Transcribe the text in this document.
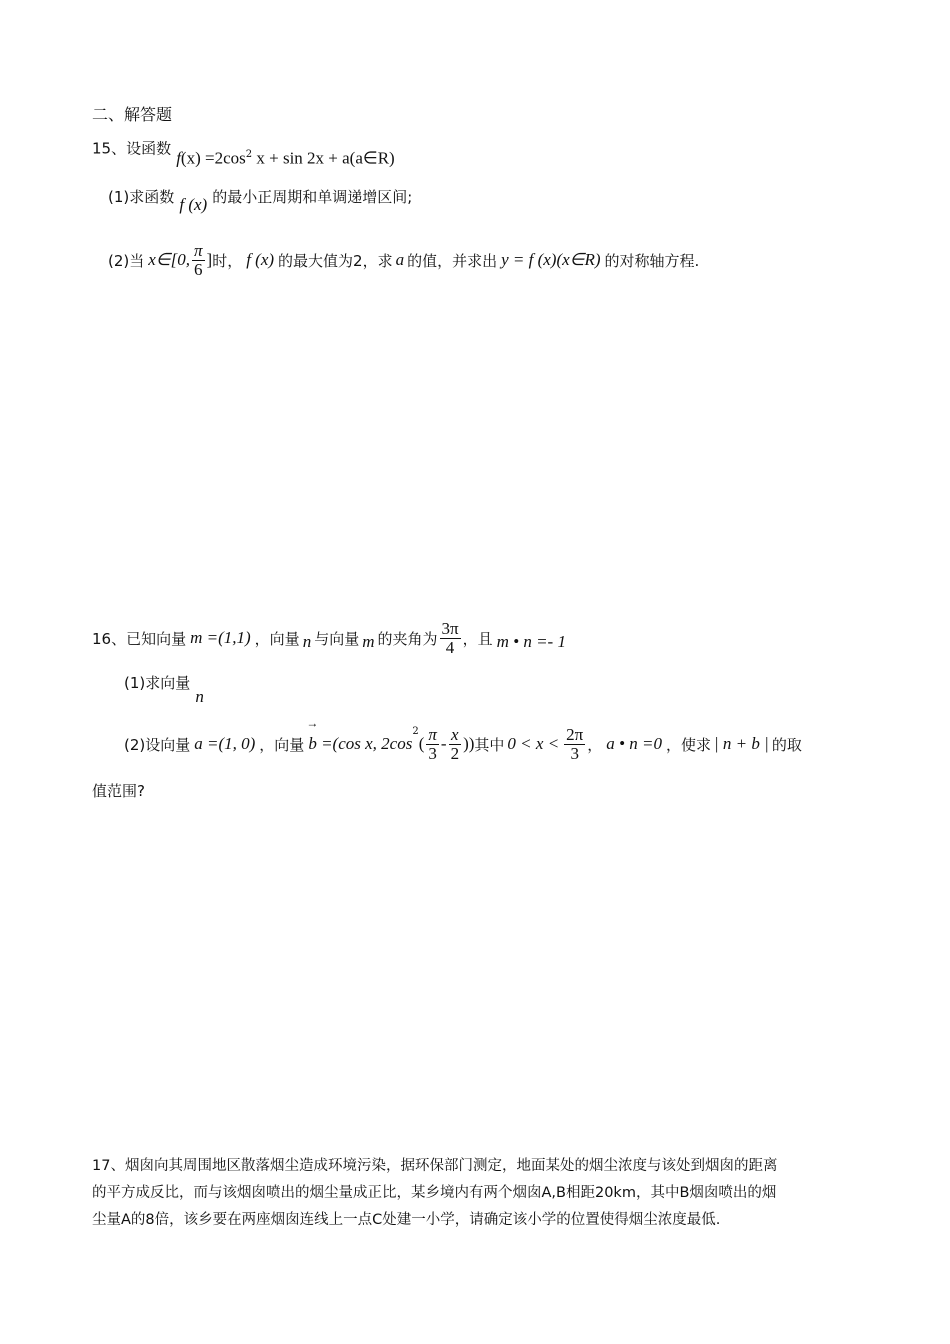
二、解答题
15、设函数 $f(x) =2\cos^2$ x + sin 2x + a(a∈R)
(1)求函数 f (x) 的最小正周期和单调递增区间;
(2)当 x∈[0, $\frac{\pi}{6}$ ] 时， f (x) 的最大值为2，求 a 的值，并求出 y = f (x)(x∈R) 的对称轴方程.
16、已知向量 m =(1,1) ，向量 n 与向量 m 的夹角为 $\frac{3\pi}{4}$ ，且 m • n =- 1
(1)求向量 n
(2)设向量 a =(1, 0) ，向量
→
b =(cos x, 2cos
2
( $\frac{\pi}{3} - \frac{x}{2}$ )) 其中 $0 < x < \frac{2\pi}{3}$ ， a • n =0 ，使求 | n + b | 的取
值范围?
17、烟囱向其周围地区散落烟尘造成环境污染，据环保部门测定，地面某处的烟尘浓度与该处到烟囱的距离
的平方成反比，而与该烟囱喷出的烟尘量成正比，某乡境内有两个烟囱A,B相距20km，其中B烟囱喷出的烟
尘量A的8倍，该乡要在两座烟囱连线上一点C处建一小学，请确定该小学的位置使得烟尘浓度最低.
